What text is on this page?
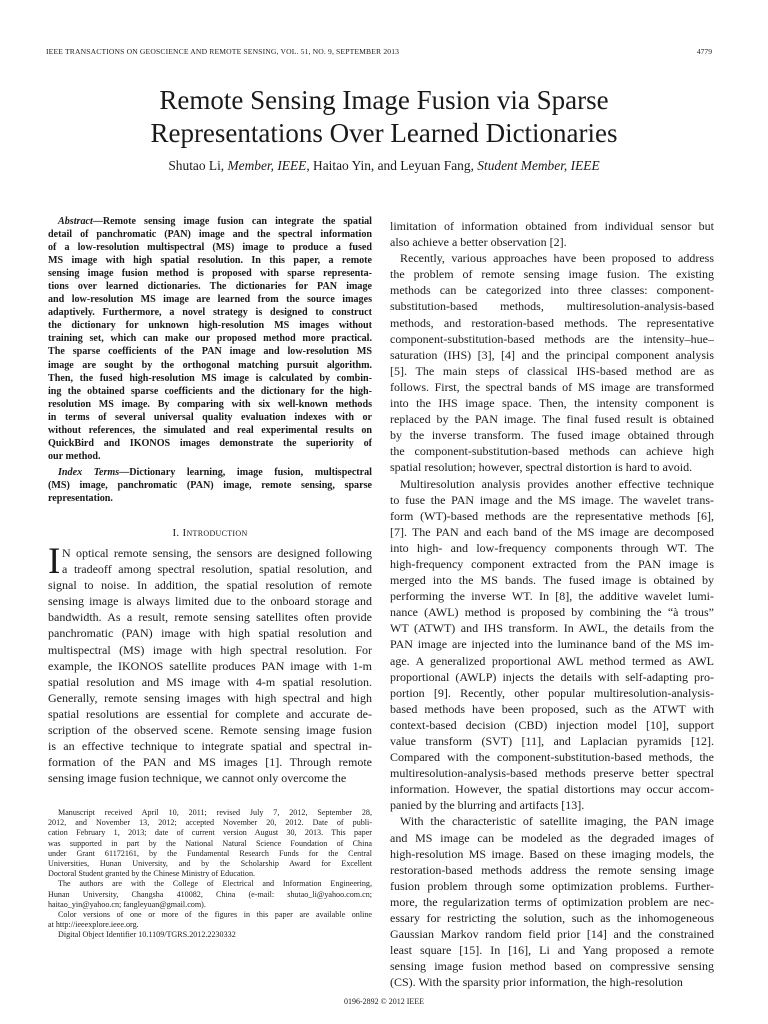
IEEE TRANSACTIONS ON GEOSCIENCE AND REMOTE SENSING, VOL. 51, NO. 9, SEPTEMBER 2013	4779
Remote Sensing Image Fusion via Sparse
Representations Over Learned Dictionaries
Shutao Li, Member, IEEE, Haitao Yin, and Leyuan Fang, Student Member, IEEE
Abstract—Remote sensing image fusion can integrate the spatial
detail of panchromatic (PAN) image and the spectral information
of a low-resolution multispectral (MS) image to produce a fused
MS image with high spatial resolution. In this paper, a remote
sensing image fusion method is proposed with sparse representa-
tions over learned dictionaries. The dictionaries for PAN image
and low-resolution MS image are learned from the source images
adaptively. Furthermore, a novel strategy is designed to construct
the dictionary for unknown high-resolution MS images without
training set, which can make our proposed method more practical.
The sparse coefficients of the PAN image and low-resolution MS
image are sought by the orthogonal matching pursuit algorithm.
Then, the fused high-resolution MS image is calculated by combin-
ing the obtained sparse coefficients and the dictionary for the high-
resolution MS image. By comparing with six well-known methods
in terms of several universal quality evaluation indexes with or
without references, the simulated and real experimental results on
QuickBird and IKONOS images demonstrate the superiority of
our method.
Index Terms—Dictionary learning, image fusion, multispectral
(MS) image, panchromatic (PAN) image, remote sensing, sparse
representation.
I. Introduction
I N optical remote sensing, the sensors are designed following
a tradeoff among spectral resolution, spatial resolution, and
signal to noise. In addition, the spatial resolution of remote
sensing image is always limited due to the onboard storage and
bandwidth. As a result, remote sensing satellites often provide
panchromatic (PAN) image with high spatial resolution and
multispectral (MS) image with high spectral resolution. For
example, the IKONOS satellite produces PAN image with 1-m
spatial resolution and MS image with 4-m spatial resolution.
Generally, remote sensing images with high spectral and high
spatial resolutions are essential for complete and accurate de-
scription of the observed scene. Remote sensing image fusion
is an effective technique to integrate spatial and spectral in-
formation of the PAN and MS images [1]. Through remote
sensing image fusion technique, we cannot only overcome the
Manuscript received April 10, 2011; revised July 7, 2012, September 28,
2012, and November 13, 2012; accepted November 20, 2012. Date of publi-
cation February 1, 2013; date of current version August 30, 2013. This paper
was supported in part by the National Natural Science Foundation of China
under Grant 61172161, by the Fundamental Research Funds for the Central
Universities, Hunan University, and by the Scholarship Award for Excellent
Doctoral Student granted by the Chinese Ministry of Education.
The authors are with the College of Electrical and Information Engineering,
Hunan University, Changsha 410082, China (e-mail: shutao_li@yahoo.com.cn;
haitao_yin@yahoo.cn; fangleyuan@gmail.com).
Color versions of one or more of the figures in this paper are available online
at http://ieeexplore.ieee.org.
Digital Object Identifier 10.1109/TGRS.2012.2230332
limitation of information obtained from individual sensor but
also achieve a better observation [2].
Recently, various approaches have been proposed to address
the problem of remote sensing image fusion. The existing
methods can be categorized into three classes: component-
substitution-based methods, multiresolution-analysis-based
methods, and restoration-based methods. The representative
component-substitution-based methods are the intensity–hue–
saturation (IHS) [3], [4] and the principal component analysis
[5]. The main steps of classical IHS-based method are as
follows. First, the spectral bands of MS image are transformed
into the IHS image space. Then, the intensity component is
replaced by the PAN image. The final fused result is obtained
by the inverse transform. The fused image obtained through
the component-substitution-based methods can achieve high
spatial resolution; however, spectral distortion is hard to avoid.
Multiresolution analysis provides another effective technique
to fuse the PAN image and the MS image. The wavelet trans-
form (WT)-based methods are the representative methods [6],
[7]. The PAN and each band of the MS image are decomposed
into high- and low-frequency components through WT. The
high-frequency component extracted from the PAN image is
merged into the MS bands. The fused image is obtained by
performing the inverse WT. In [8], the additive wavelet lumi-
nance (AWL) method is proposed by combining the “à trous”
WT (ATWT) and IHS transform. In AWL, the details from the
PAN image are injected into the luminance band of the MS im-
age. A generalized proportional AWL method termed as AWL
proportional (AWLP) injects the details with self-adapting pro-
portion [9]. Recently, other popular multiresolution-analysis-
based methods have been proposed, such as the ATWT with
context-based decision (CBD) injection model [10], support
value transform (SVT) [11], and Laplacian pyramids [12].
Compared with the component-substitution-based methods, the
multiresolution-analysis-based methods preserve better spectral
information. However, the spatial distortions may occur accom-
panied by the blurring and artifacts [13].
With the characteristic of satellite imaging, the PAN image
and MS image can be modeled as the degraded images of
high-resolution MS image. Based on these imaging models, the
restoration-based methods address the remote sensing image
fusion problem through some optimization problems. Further-
more, the regularization terms of optimization problem are nec-
essary for restricting the solution, such as the inhomogeneous
Gaussian Markov random field prior [14] and the constrained
least square [15]. In [16], Li and Yang proposed a remote
sensing image fusion method based on compressive sensing
(CS). With the sparsity prior information, the high-resolution
0196-2892 © 2012 IEEE
